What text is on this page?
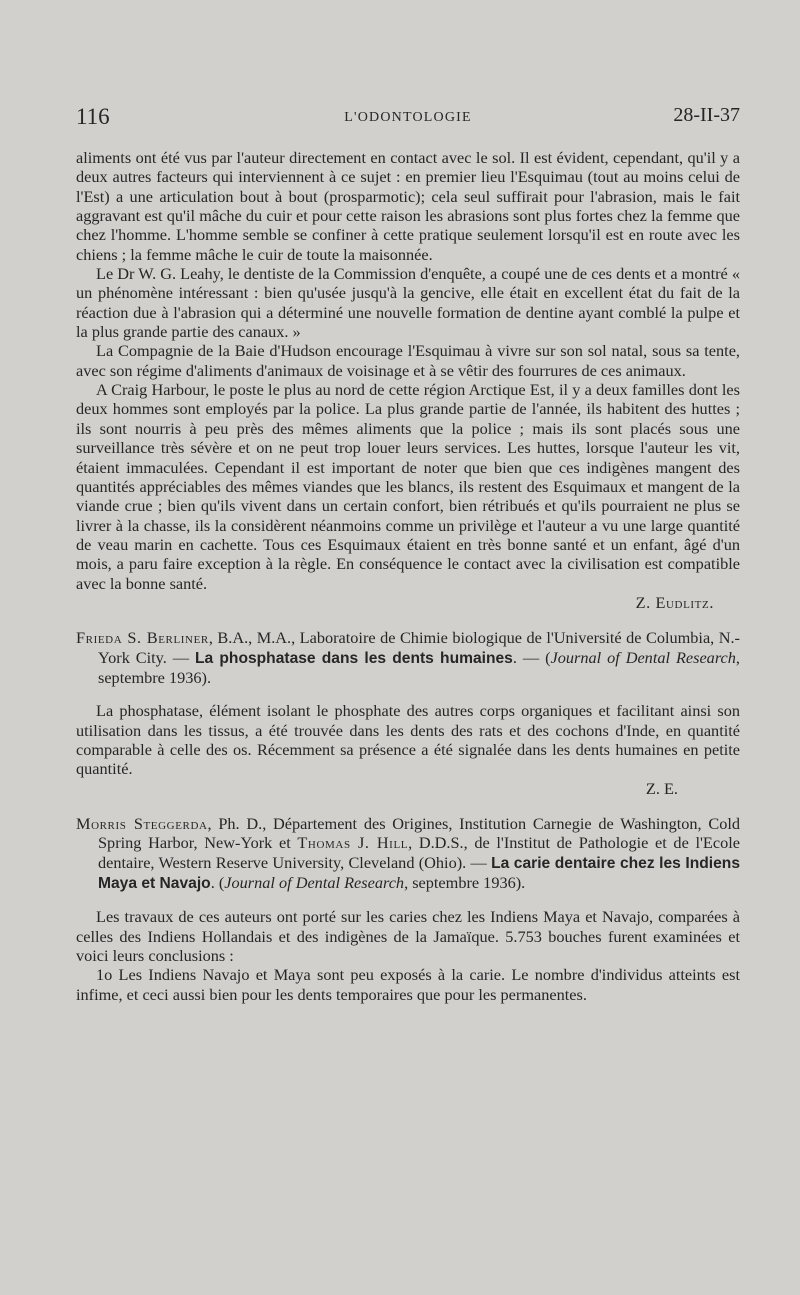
116	L'ODONTOLOGIE	28-II-37

aliments ont été vus par l'auteur directement en contact avec le sol. Il est évident, cependant, qu'il y a deux autres facteurs qui interviennent à ce sujet : en premier lieu l'Esquimau (tout au moins celui de l'Est) a une articulation bout à bout (prosparmotic); cela seul suffirait pour l'abrasion, mais le fait aggravant est qu'il mâche du cuir et pour cette raison les abrasions sont plus fortes chez la femme que chez l'homme. L'homme semble se confiner à cette pratique seulement lorsqu'il est en route avec les chiens ; la femme mâche le cuir de toute la maisonnée.

Le Dr W. G. Leahy, le dentiste de la Commission d'enquête, a coupé une de ces dents et a montré « un phénomène intéressant : bien qu'usée jusqu'à la gencive, elle était en excellent état du fait de la réaction due à l'abrasion qui a déterminé une nouvelle formation de dentine ayant comblé la pulpe et la plus grande partie des canaux. »

La Compagnie de la Baie d'Hudson encourage l'Esquimau à vivre sur son sol natal, sous sa tente, avec son régime d'aliments d'animaux de voisinage et à se vêtir des fourrures de ces animaux.

A Craig Harbour, le poste le plus au nord de cette région Arctique Est, il y a deux familles dont les deux hommes sont employés par la police. La plus grande partie de l'année, ils habitent des huttes ; ils sont nourris à peu près des mêmes aliments que la police ; mais ils sont placés sous une surveillance très sévère et on ne peut trop louer leurs services. Les huttes, lorsque l'auteur les vit, étaient immaculées. Cependant il est important de noter que bien que ces indigènes mangent des quantités appréciables des mêmes viandes que les blancs, ils restent des Esquimaux et mangent de la viande crue ; bien qu'ils vivent dans un certain confort, bien rétribués et qu'ils pourraient ne plus se livrer à la chasse, ils la considèrent néanmoins comme un privilège et l'auteur a vu une large quantité de veau marin en cachette. Tous ces Esquimaux étaient en très bonne santé et un enfant, âgé d'un mois, a paru faire exception à la règle. En conséquence le contact avec la civilisation est compatible avec la bonne santé.

Z. Eudlitz.

Frieda S. Berliner, B.A., M.A., Laboratoire de Chimie biologique de l'Université de Columbia, N.-York City. — La phosphatase dans les dents humaines. — (Journal of Dental Research, septembre 1936).

La phosphatase, élément isolant le phosphate des autres corps organiques et facilitant ainsi son utilisation dans les tissus, a été trouvée dans les dents des rats et des cochons d'Inde, en quantité comparable à celle des os. Récemment sa présence a été signalée dans les dents humaines en petite quantité.

Z. E.

Morris Steggerda, Ph. D., Département des Origines, Institution Carnegie de Washington, Cold Spring Harbor, New-York et Thomas J. Hill, D.D.S., de l'Institut de Pathologie et de l'Ecole dentaire, Western Reserve University, Cleveland (Ohio). — La carie dentaire chez les Indiens Maya et Navajo. (Journal of Dental Research, septembre 1936).

Les travaux de ces auteurs ont porté sur les caries chez les Indiens Maya et Navajo, comparées à celles des Indiens Hollandais et des indigènes de la Jamaïque. 5.753 bouches furent examinées et voici leurs conclusions :

1o Les Indiens Navajo et Maya sont peu exposés à la carie. Le nombre d'individus atteints est infime, et ceci aussi bien pour les dents temporaires que pour les permanentes.
